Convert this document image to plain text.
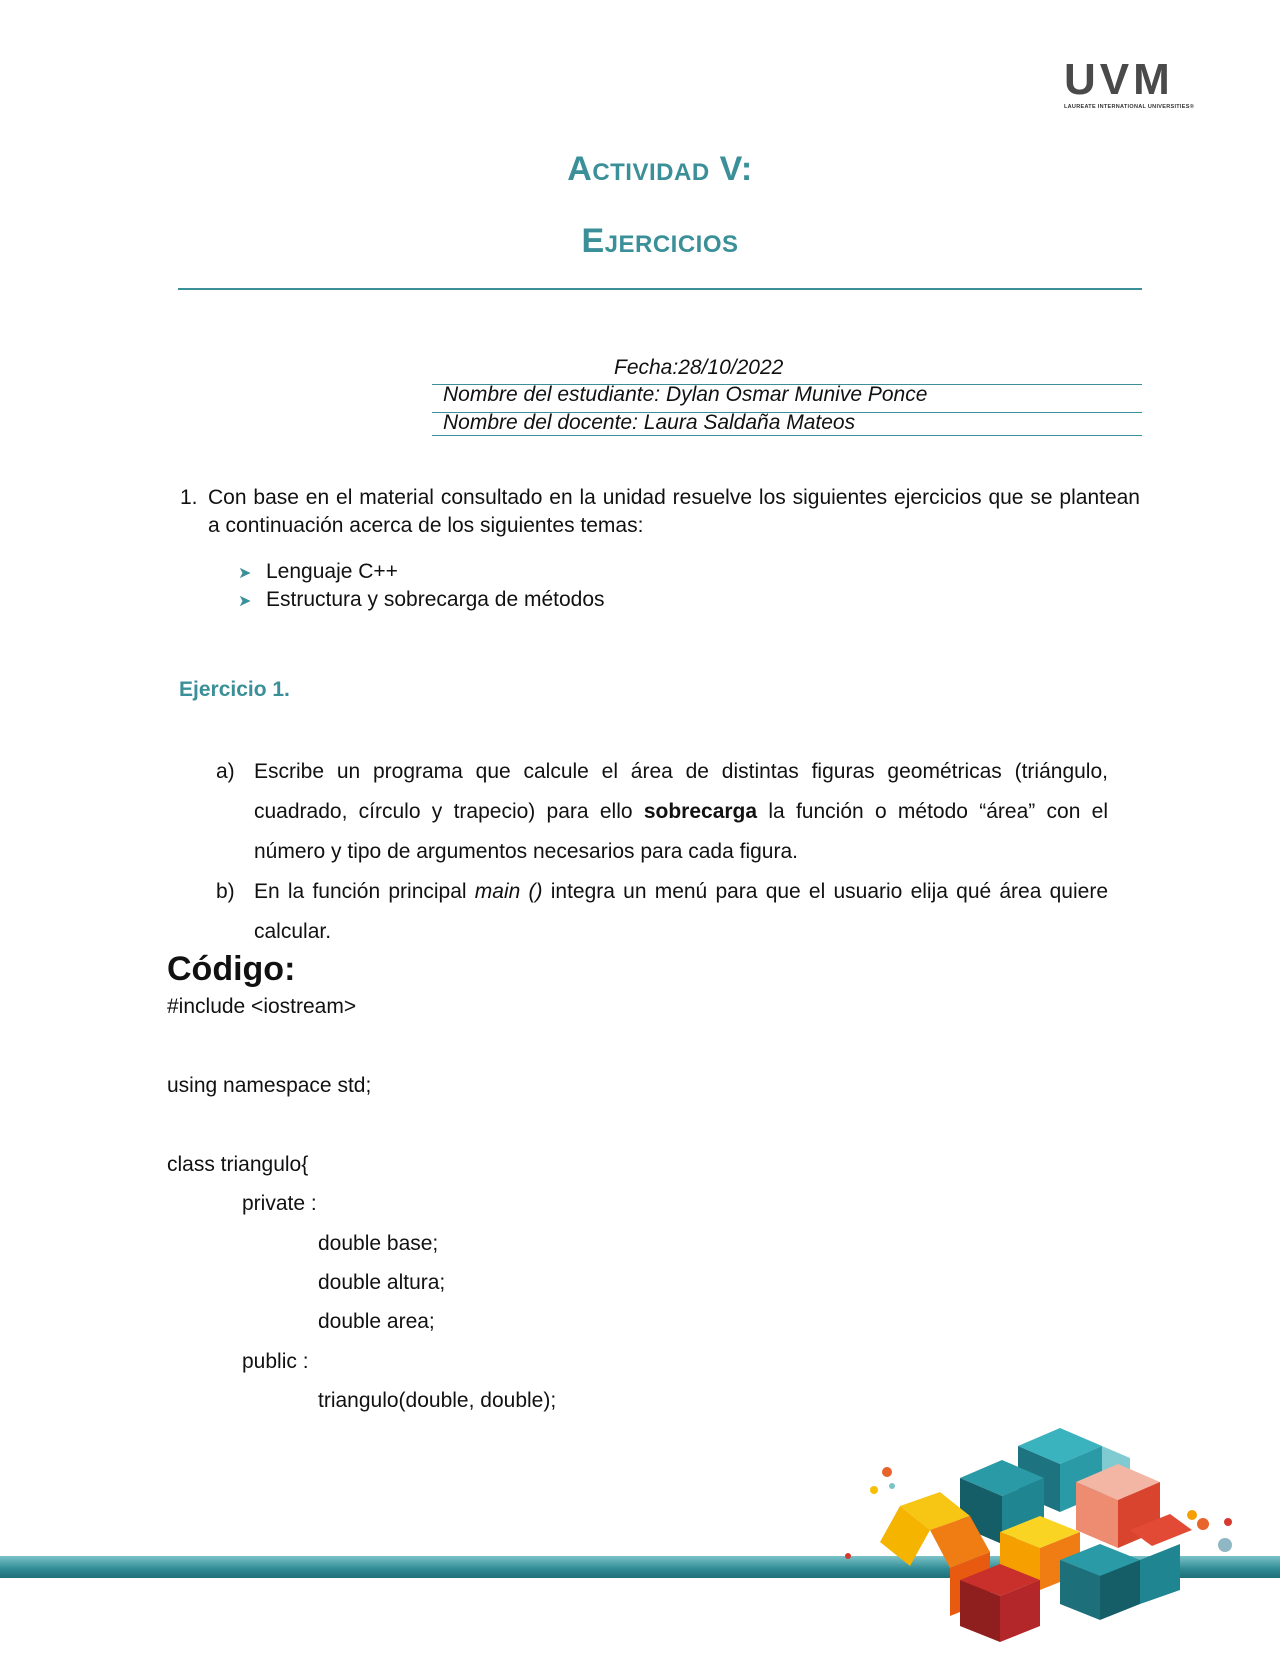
UVM
LAUREATE INTERNATIONAL UNIVERSITIES®
Actividad V:
Ejercicios
Fecha:28/10/2022
Nombre del estudiante: Dylan Osmar Munive Ponce
Nombre del docente: Laura Saldaña Mateos
1. Con base en el material consultado en la unidad resuelve los siguientes ejercicios que se plantean a continuación acerca de los siguientes temas:
➤ Lenguaje C++
➤ Estructura y sobrecarga de métodos
Ejercicio 1.
a) Escribe un programa que calcule el área de distintas figuras geométricas (triángulo, cuadrado, círculo y trapecio) para ello sobrecarga la función o método “área” con el número y tipo de argumentos necesarios para cada figura.
b) En la función principal main () integra un menú para que el usuario elija qué área quiere calcular.
Código:
#include <iostream>
using namespace std;
class triangulo{
private :
double base;
double altura;
double area;
public :
triangulo(double, double);
